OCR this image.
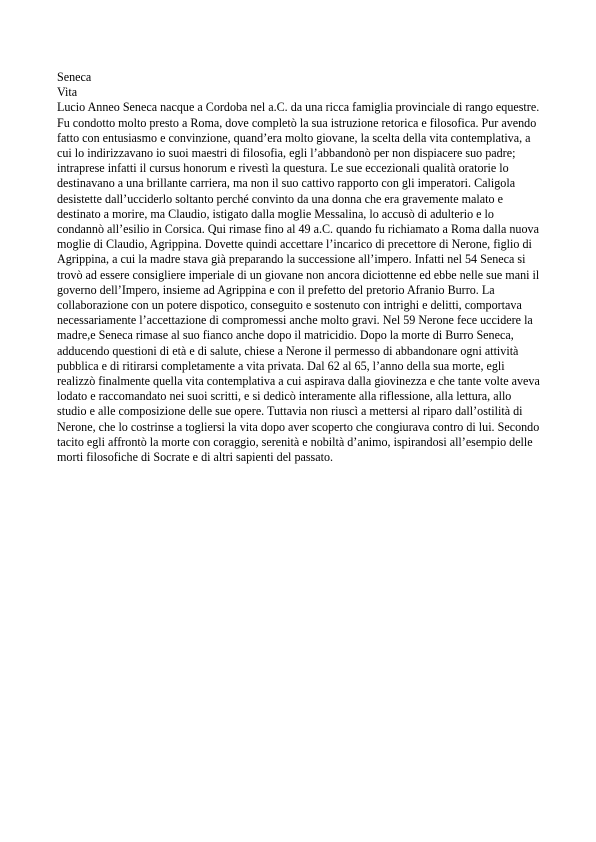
Seneca
Vita
Lucio Anneo Seneca nacque a Cordoba nel a.C. da una ricca famiglia provinciale di rango equestre.
Fu condotto molto presto a Roma, dove completò la sua istruzione retorica e filosofica. Pur avendo
fatto con entusiasmo e convinzione, quand’era molto giovane, la scelta della vita contemplativa, a
cui lo indirizzavano io suoi maestri di filosofia, egli l’abbandonò per non dispiacere suo padre;
intraprese infatti il cursus honorum e rivestì la questura. Le sue eccezionali qualità oratorie lo
destinavano a una brillante carriera, ma non il suo cattivo rapporto con gli imperatori. Caligola
desistette dall’ucciderlo soltanto perché convinto da una donna che era gravemente malato e
destinato a morire, ma Claudio, istigato dalla moglie Messalina, lo accusò di adulterio e lo
condannò all’esilio in Corsica. Qui rimase fino al 49 a.C. quando fu richiamato a Roma dalla nuova
moglie di Claudio, Agrippina. Dovette quindi accettare l’incarico di precettore di Nerone, figlio di
Agrippina, a cui la madre stava già preparando la successione all’impero. Infatti nel 54 Seneca si
trovò ad essere consigliere imperiale di un giovane non ancora diciottenne ed ebbe nelle sue mani il
governo dell’Impero, insieme ad Agrippina e con il prefetto del pretorio Afranio Burro. La
collaborazione con un potere dispotico, conseguito e sostenuto con intrighi e delitti, comportava
necessariamente l’accettazione di compromessi anche molto gravi. Nel 59 Nerone fece uccidere la
madre,e Seneca rimase al suo fianco anche dopo il matricidio. Dopo la morte di Burro Seneca,
adducendo questioni di età e di salute, chiese a Nerone il permesso di abbandonare ogni attività
pubblica e di ritirarsi completamente a vita privata. Dal 62 al 65, l’anno della sua morte, egli
realizzò finalmente quella vita contemplativa a cui aspirava dalla giovinezza e che tante volte aveva
lodato e raccomandato nei suoi scritti, e si dedicò interamente alla riflessione, alla lettura, allo
studio e alle composizione delle sue opere. Tuttavia non riuscì a mettersi al riparo dall’ostilità di
Nerone, che lo costrinse a togliersi la vita dopo aver scoperto che congiurava contro di lui. Secondo
tacito egli affrontò la morte con coraggio, serenità e nobiltà d’animo, ispirandosi all’esempio delle
morti filosofiche di Socrate e di altri sapienti del passato.
